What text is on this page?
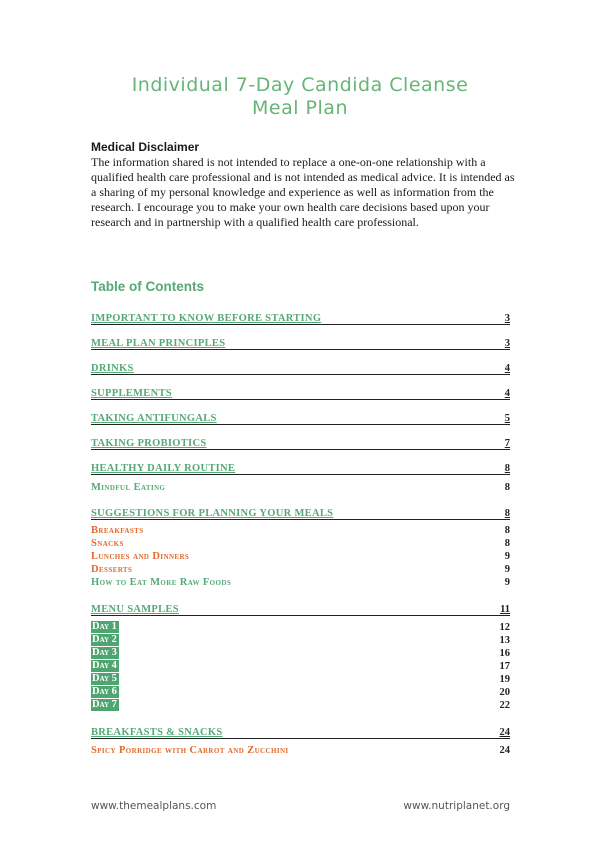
Individual 7-Day Candida Cleanse
Meal Plan
Medical Disclaimer
The information shared is not intended to replace a one-on-one relationship with a qualified health care professional and is not intended as medical advice. It is intended as a sharing of my personal knowledge and experience as well as information from the research. I encourage you to make your own health care decisions based upon your research and in partnership with a qualified health care professional.
Table of Contents
IMPORTANT TO KNOW BEFORE STARTING	3
MEAL PLAN PRINCIPLES	3
DRINKS	4
SUPPLEMENTS	4
TAKING ANTIFUNGALS	5
TAKING PROBIOTICS	7
HEALTHY DAILY ROUTINE	8
Mindful Eating	8
SUGGESTIONS FOR PLANNING YOUR MEALS	8
Breakfasts	8
Snacks	8
Lunches and Dinners	9
Desserts	9
How to Eat More Raw Foods	9
MENU SAMPLES	11
Day 1	12
Day 2	13
Day 3	16
Day 4	17
Day 5	19
Day 6	20
Day 7	22
BREAKFASTS & SNACKS	24
Spicy Porridge with Carrot and Zucchini	24
www.themealplans.com	www.nutriplanet.org
